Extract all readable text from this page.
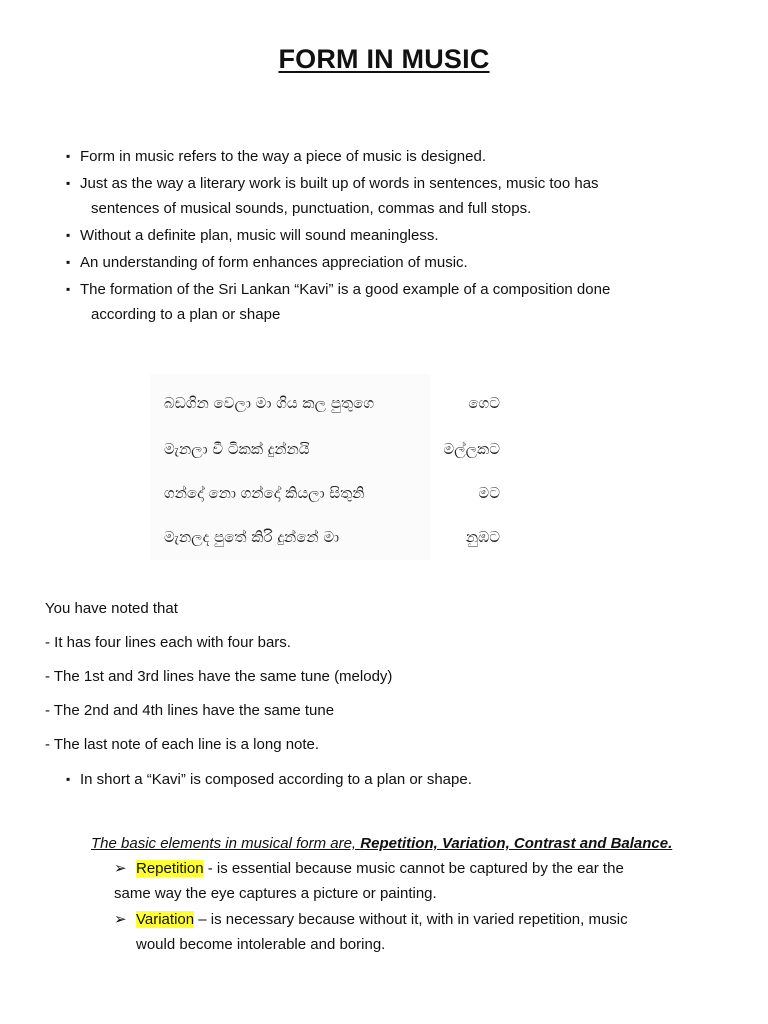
FORM IN MUSIC
▪ Form in music refers to the way a piece of music is designed.
▪ Just as the way a literary work is built up of words in sentences, music too has
sentences of musical sounds, punctuation, commas and full stops.
▪ Without a definite plan, music will sound meaningless.
▪ An understanding of form enhances appreciation of music.
▪ The formation of the Sri Lankan “Kavi” is a good example of a composition done
according to a plan or shape
බඩගින වෙලා මා ගිය කල පුතුගෙ
මැනලා වී ටිකක් දුන්නයි
ගන්දෝ නො ගන්දෝ කියලා සිතුනි
මැනලද පුතේ කිරි දුන්නේ මා
ගෙට
මල්ලකට
මට
නුඹට

You have noted that

- It has four lines each with four bars.

- The 1st and 3rd lines have the same tune (melody)

- The 2nd and 4th lines have the same tune

- The last note of each line is a long note.

▪ In short a “Kavi” is composed according to a plan or shape.
The basic elements in musical form are, Repetition, Variation, Contrast and Balance.
➢ Repetition - is essential because music cannot be captured by the ear the
same way the eye captures a picture or painting.
➢ Variation – is necessary because without it, with in varied repetition, music
would become intolerable and boring.
